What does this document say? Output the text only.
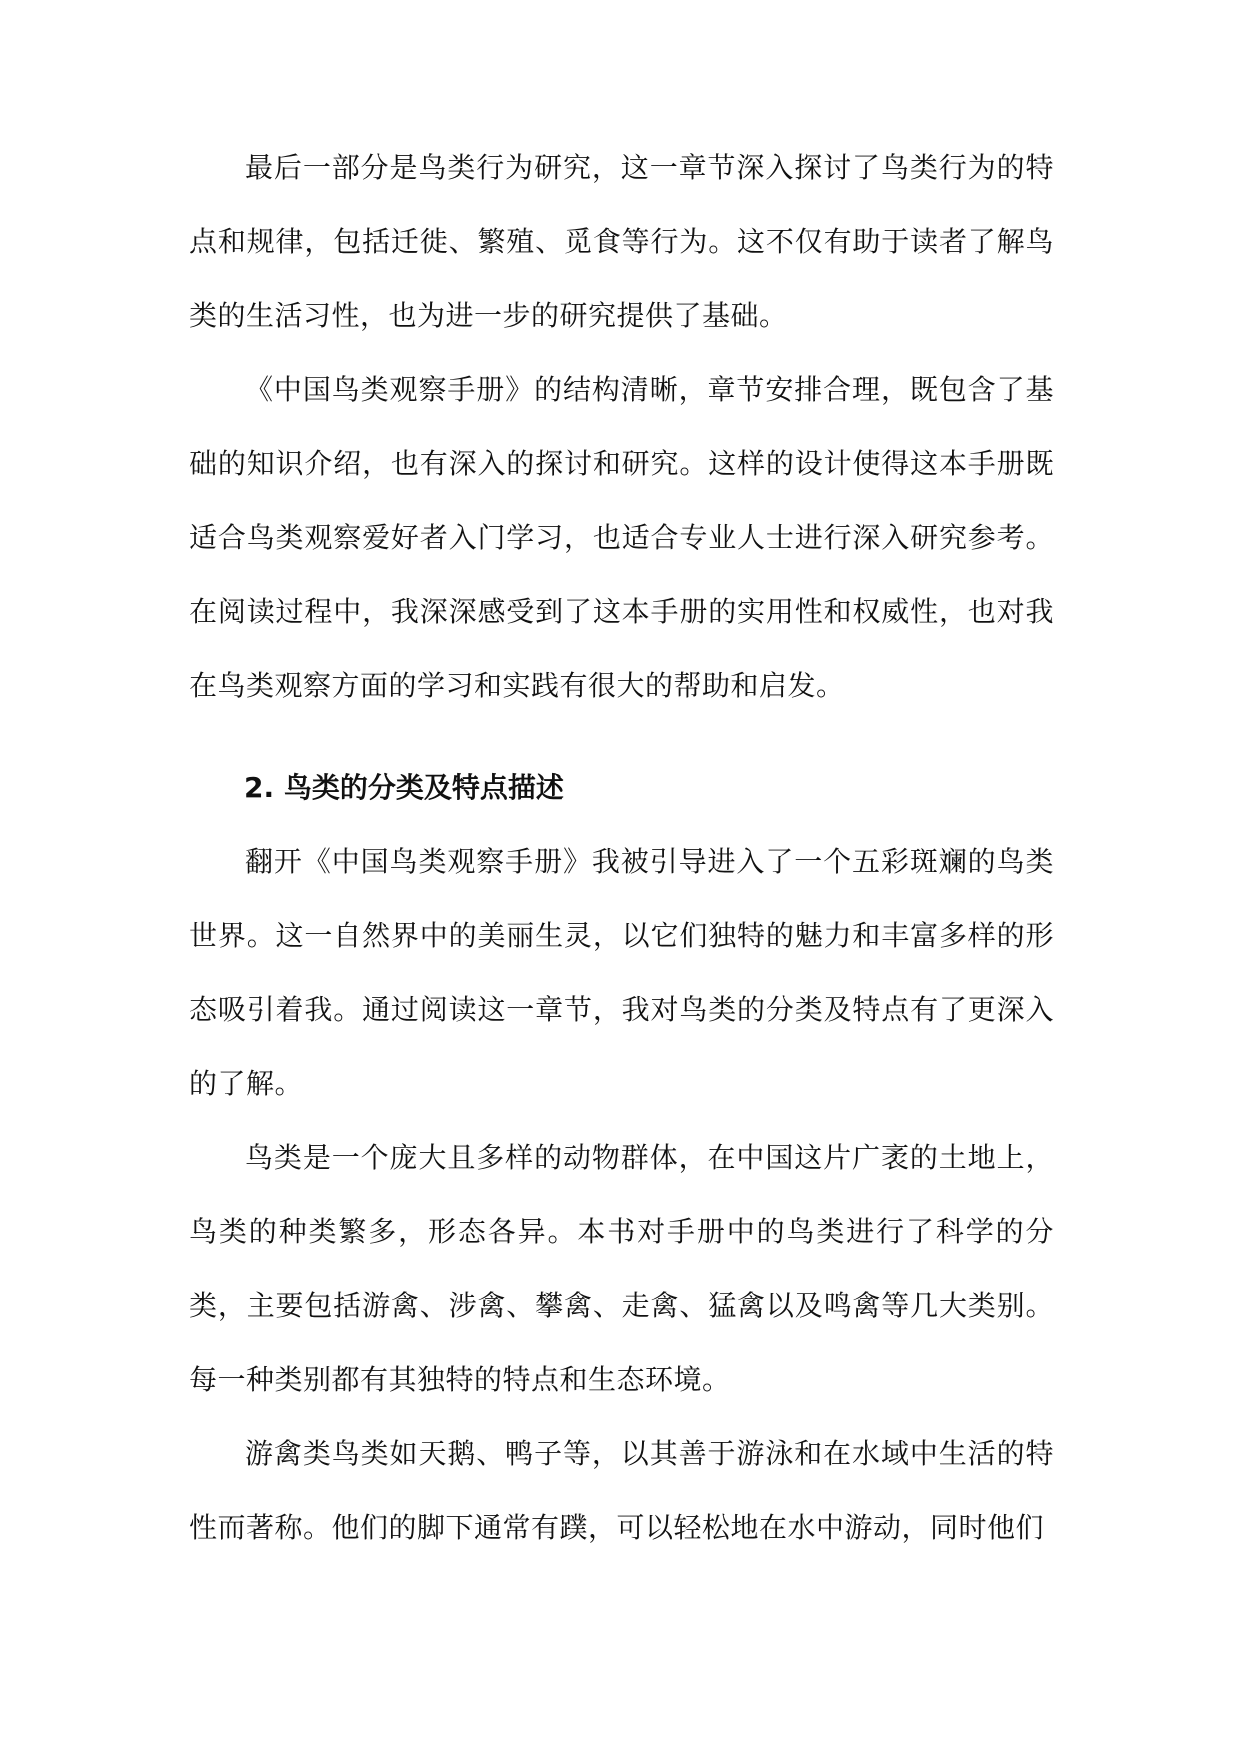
最后一部分是鸟类行为研究，这一章节深入探讨了鸟类行为的特点和规律，包括迁徙、繁殖、觅食等行为。这不仅有助于读者了解鸟类的生活习性，也为进一步的研究提供了基础。

《中国鸟类观察手册》的结构清晰，章节安排合理，既包含了基础的知识介绍，也有深入的探讨和研究。这样的设计使得这本手册既适合鸟类观察爱好者入门学习，也适合专业人士进行深入研究参考。在阅读过程中，我深深感受到了这本手册的实用性和权威性，也对我在鸟类观察方面的学习和实践有很大的帮助和启发。

2. 鸟类的分类及特点描述

翻开《中国鸟类观察手册》我被引导进入了一个五彩斑斓的鸟类世界。这一自然界中的美丽生灵，以它们独特的魅力和丰富多样的形态吸引着我。通过阅读这一章节，我对鸟类的分类及特点有了更深入的了解。

鸟类是一个庞大且多样的动物群体，在中国这片广袤的土地上，鸟类的种类繁多，形态各异。本书对手册中的鸟类进行了科学的分类，主要包括游禽、涉禽、攀禽、走禽、猛禽以及鸣禽等几大类别。每一种类别都有其独特的特点和生态环境。

游禽类鸟类如天鹅、鸭子等，以其善于游泳和在水域中生活的特性而著称。他们的脚下通常有蹼，可以轻松地在水中游动，同时他们
